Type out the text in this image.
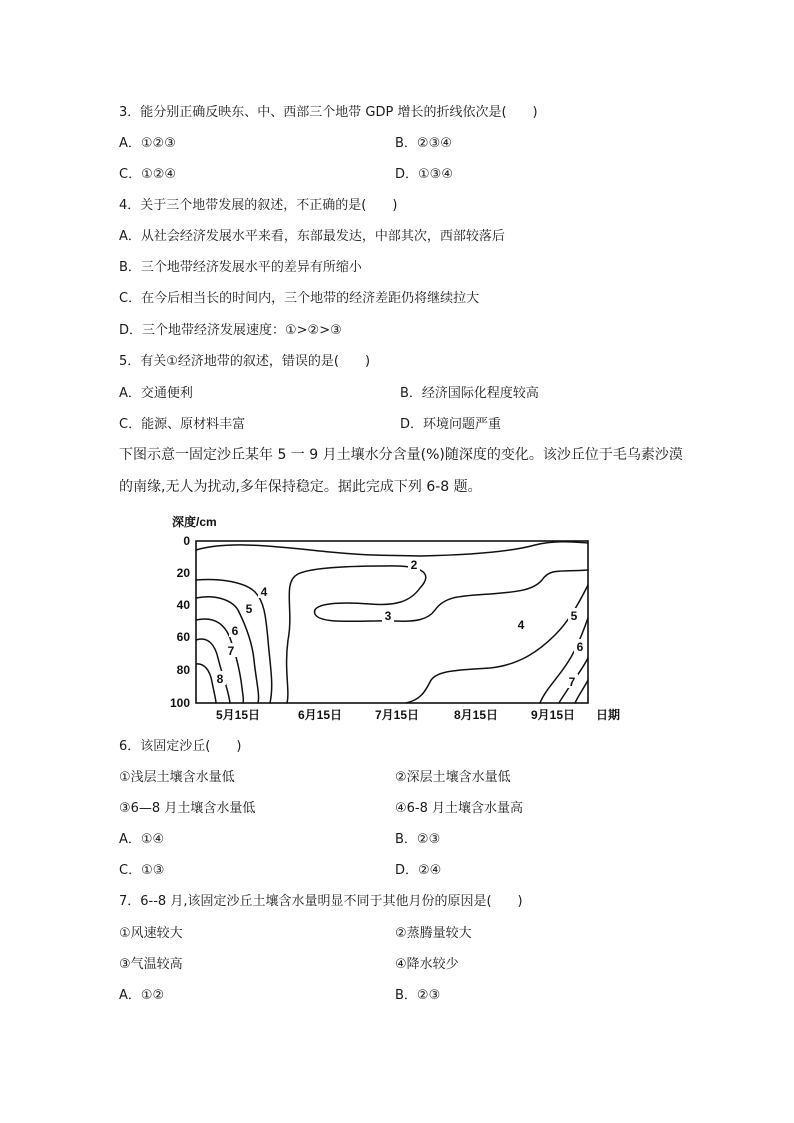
3．能分别正确反映东、中、西部三个地带 GDP 增长的折线依次是(　　)
A．①②③	B．②③④
C．①②④	D．①③④
4．关于三个地带发展的叙述，不正确的是(　　)
A．从社会经济发展水平来看，东部最发达，中部其次，西部较落后
B．三个地带经济发展水平的差异有所缩小
C．在今后相当长的时间内，三个地带的经济差距仍将继续拉大
D．三个地带经济发展速度：①>②>③
5．有关①经济地带的叙述，错误的是(　　)
A．交通便利	B．经济国际化程度较高
C．能源、原材料丰富	D．环境问题严重
下图示意一固定沙丘某年 5 一 9 月土壤水分含量(%)随深度的变化。该沙丘位于毛乌素沙漠
的南缘,无人为扰动,多年保持稳定。据此完成下列 6-8 题。
深度/cm
0
20
40
60
80
100
5月15日	6月15日	7月15日	8月15日	9月15日 日期
2
3
4
4
5	5
6
6
7
7
8
6．该固定沙丘(　　)
①浅层土壤含水量低	②深层土壤含水量低
③6—8 月土壤含水量低	④6-8 月土壤含水量高
A．①④	B．②③
C．①③	D．②④
7．6--8 月,该固定沙丘土壤含水量明显不同于其他月份的原因是(　　)
①风速较大	②蒸腾量较大
③气温较高	④降水较少
A．①②	B．②③
